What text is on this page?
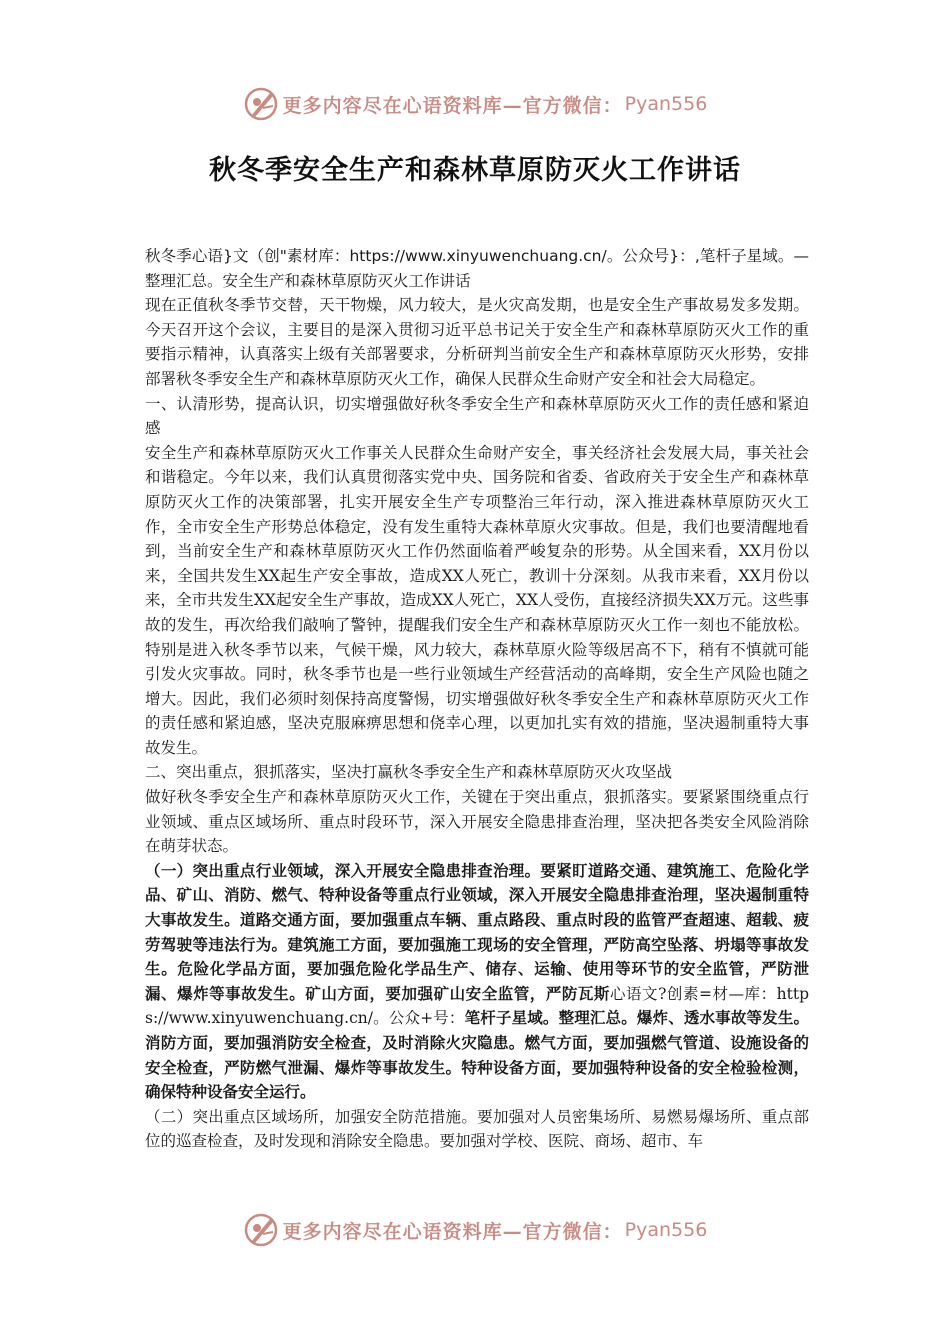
更多内容尽在心语资料库—官方微信： Pyan556
秋冬季安全生产和森林草原防灭火工作讲话

秋冬季心语}文（创"素材库：https://www.xinyuwenchuang.cn/。公众号}：,笔杆子星域。—整理汇总。安全生产和森林草原防灭火工作讲话

现在正值秋冬季节交替，天干物燥，风力较大，是火灾高发期，也是安全生产事故易发多发期。今天召开这个会议，主要目的是深入贯彻习近平总书记关于安全生产和森林草原防灭火工作的重要指示精神，认真落实上级有关部署要求，分析研判当前安全生产和森林草原防灭火形势，安排部署秋冬季安全生产和森林草原防灭火工作，确保人民群众生命财产安全和社会大局稳定。

一、认清形势，提高认识，切实增强做好秋冬季安全生产和森林草原防灭火工作的责任感和紧迫感

安全生产和森林草原防灭火工作事关人民群众生命财产安全，事关经济社会发展大局，事关社会和谐稳定。今年以来，我们认真贯彻落实党中央、国务院和省委、省政府关于安全生产和森林草原防灭火工作的决策部署，扎实开展安全生产专项整治三年行动，深入推进森林草原防灭火工作，全市安全生产形势总体稳定，没有发生重特大森林草原火灾事故。但是，我们也要清醒地看到，当前安全生产和森林草原防灭火工作仍然面临着严峻复杂的形势。从全国来看，XX月份以来，全国共发生XX起生产安全事故，造成XX人死亡，教训十分深刻。从我市来看，XX月份以来，全市共发生XX起安全生产事故，造成XX人死亡，XX人受伤，直接经济损失XX万元。这些事故的发生，再次给我们敲响了警钟，提醒我们安全生产和森林草原防灭火工作一刻也不能放松。特别是进入秋冬季节以来，气候干燥，风力较大，森林草原火险等级居高不下，稍有不慎就可能引发火灾事故。同时，秋冬季节也是一些行业领域生产经营活动的高峰期，安全生产风险也随之增大。因此，我们必须时刻保持高度警惕，切实增强做好秋冬季安全生产和森林草原防灭火工作的责任感和紧迫感，坚决克服麻痹思想和侥幸心理，以更加扎实有效的措施，坚决遏制重特大事故发生。

二、突出重点，狠抓落实，坚决打赢秋冬季安全生产和森林草原防灭火攻坚战

做好秋冬季安全生产和森林草原防灭火工作，关键在于突出重点，狠抓落实。要紧紧围绕重点行业领域、重点区域场所、重点时段环节，深入开展安全隐患排查治理，坚决把各类安全风险消除在萌芽状态。

（一）突出重点行业领域，深入开展安全隐患排查治理。要紧盯道路交通、建筑施工、危险化学品、矿山、消防、燃气、特种设备等重点行业领域，深入开展安全隐患排查治理，坚决遏制重特大事故发生。道路交通方面，要加强重点车辆、重点路段、重点时段的监管严查超速、超载、疲劳驾驶等违法行为。建筑施工方面，要加强施工现场的安全管理，严防高空坠落、坍塌等事故发生。危险化学品方面，要加强危险化学品生产、储存、运输、使用等环节的安全监管，严防泄漏、爆炸等事故发生。矿山方面，要加强矿山安全监管，严防瓦斯心语文?创素=材—库：https://www.xinyuwenchuang.cn/。公众+号：笔杆子星域。整理汇总。爆炸、透水事故等发生。消防方面，要加强消防安全检查，及时消除火灾隐患。燃气方面，要加强燃气管道、设施设备的安全检查，严防燃气泄漏、爆炸等事故发生。特种设备方面，要加强特种设备的安全检验检测，确保特种设备安全运行。

（二）突出重点区域场所，加强安全防范措施。要加强对人员密集场所、易燃易爆场所、重点部位的巡查检查，及时发现和消除安全隐患。要加强对学校、医院、商场、超市、车

更多内容尽在心语资料库—官方微信： Pyan556
